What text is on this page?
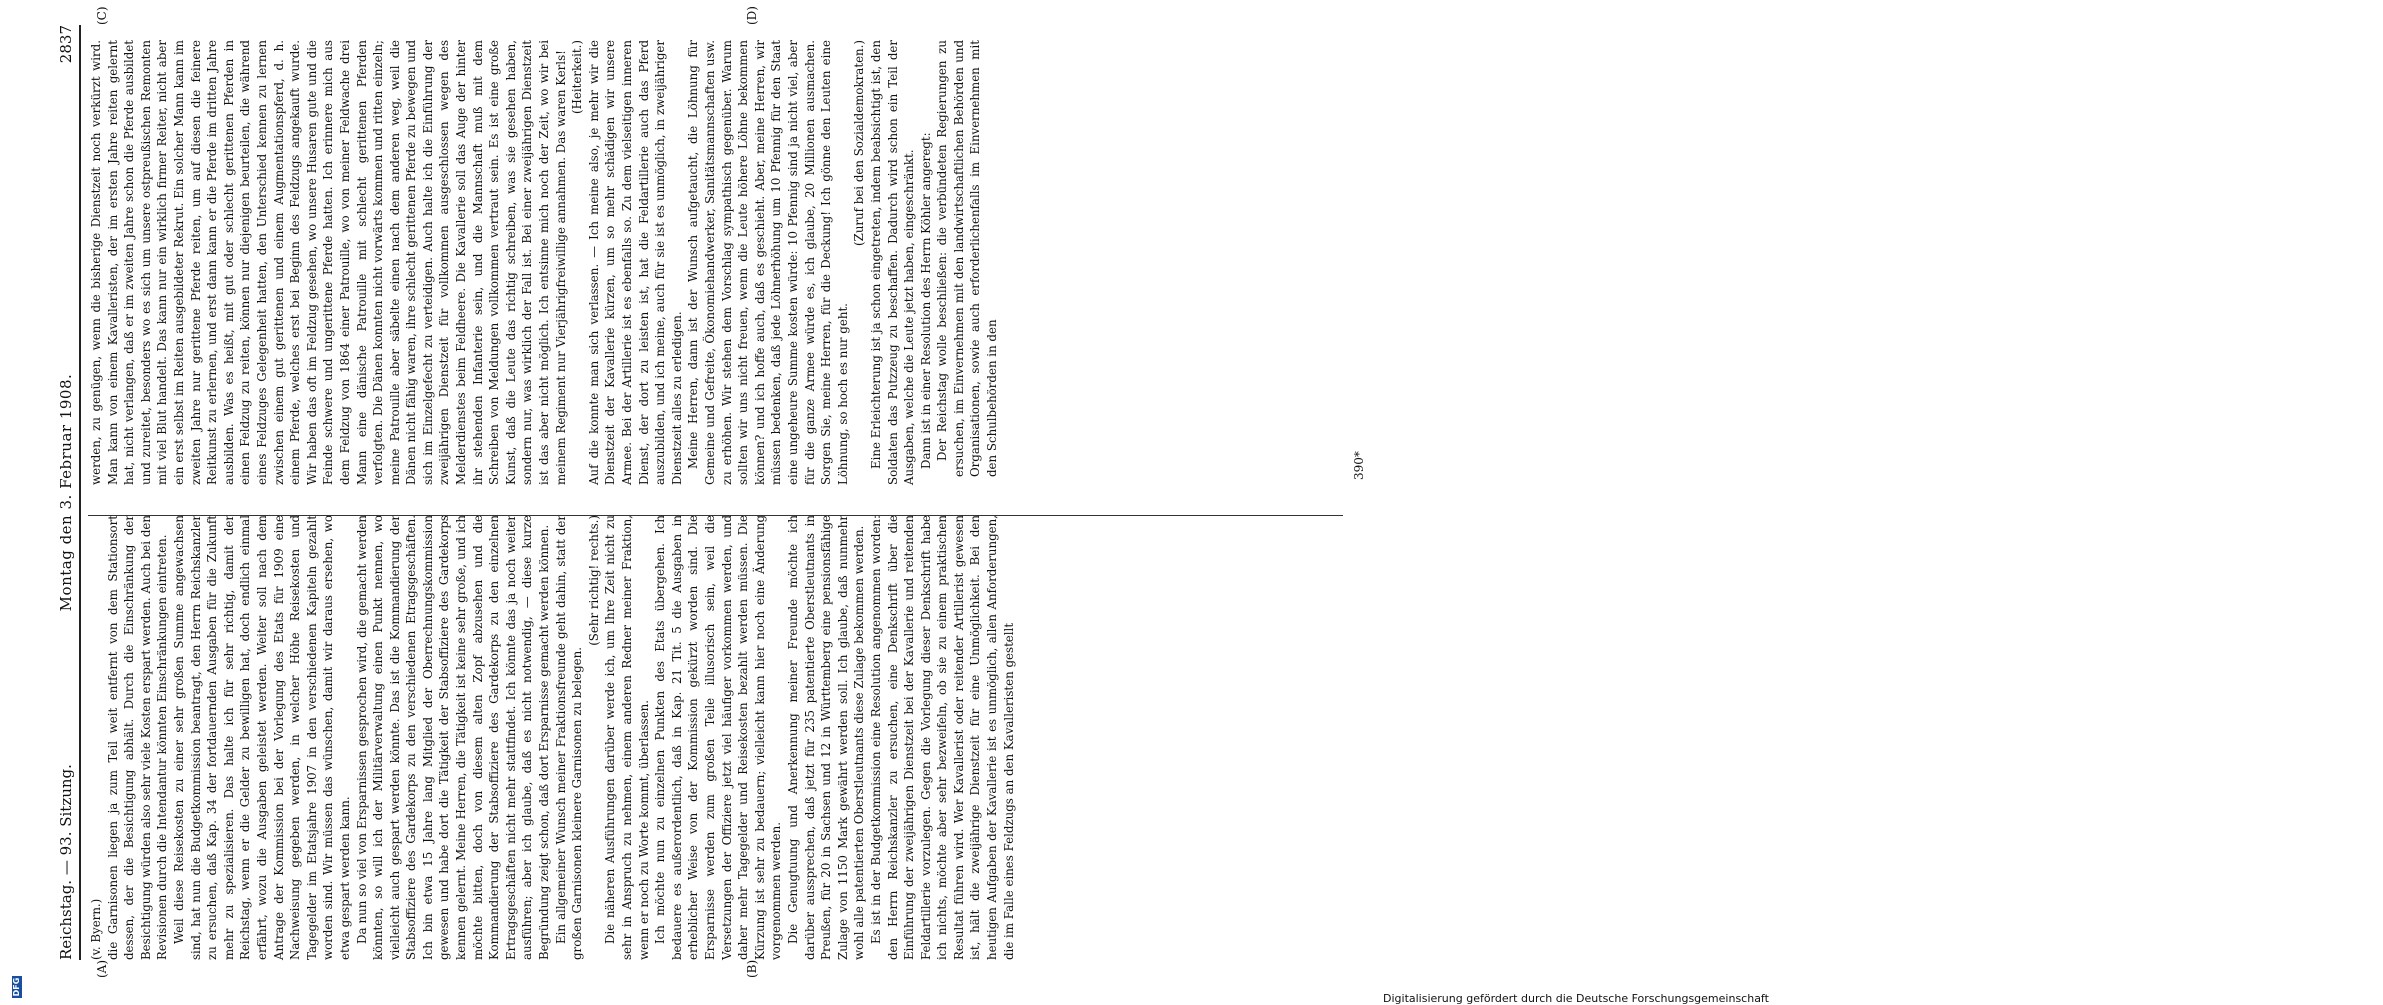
Digitalisierung gefördert durch die Deutsche Forschungsgemeinschaft
DFG
Reichstag. — 93. Sitzung.
Montag den 3. Februar 1908.
2837
(A)	(B)
(C)	(D)

(v. Byern.) die Garnisonen liegen ja zum Teil weit entfernt von dem Stationsort dessen, der die Besichtigung abhält. Durch die Einschränkung der Besichtigung würden also sehr viele Kosten erspart werden. Auch bei den Revisionen durch die Intendantur könnten Einschränkungen eintreten. Weil diese Reisekosten zu einer sehr großen Summe angewachsen sind, hat nun die Budgetkommission beantragt, den Herrn Reichskanzler zu ersuchen, daß Kap. 34 der fortdauernden Ausgaben für die Zukunft mehr zu spezialisieren. Das halte ich für sehr richtig, damit der Reichstag, wenn er die Gelder zu bewilligen hat, doch endlich einmal erfährt, wozu die Ausgaben geleistet werden. Weiter soll nach dem Antrage der Kommission bei der Vorlegung des Etats für 1909 eine Nachweisung gegeben werden, in welcher Höhe Reisekosten und Tagegelder im Etatsjahre 1907 in den verschiedenen Kapiteln gezahlt worden sind. Wir müssen das wünschen, damit wir daraus ersehen, wo etwa gespart werden kann. Da nun so viel von Ersparnissen gesprochen wird, die gemacht werden könnten, so will ich der Militärverwaltung einen Punkt nennen, wo vielleicht auch gespart werden könnte. Das ist die Kommandierung der Stabsoffiziere des Gardekorps zu den verschiedenen Etragsgeschäften. Ich bin etwa 15 Jahre lang Mitglied der Oberrechnungskommission gewesen und habe dort die Tätigkeit der Stabsoffiziere des Gardekorps kennen gelernt. Meine Herren, die Tätigkeit ist keine sehr große, und ich möchte bitten, doch von diesem alten Zopf abzusehen und die Kommandierung der Stabsoffiziere des Gardekorps zu den einzelnen Ertragsgeschäften nicht mehr stattfindet. Ich könnte das ja noch weiter ausführen; aber ich glaube, daß es nicht notwendig, — diese kurze Begründung zeigt schon, daß dort Ersparnisse gemacht werden können. Ein allgemeiner Wunsch meiner Fraktionsfreunde geht dahin, statt der großen Garnisonen kleinere Garnisonen zu belegen.

(Sehr richtig! rechts.) Die näheren Ausführungen darüber werde ich, um Ihre Zeit nicht zu sehr in Anspruch zu nehmen, einem anderen Redner meiner Fraktion, wenn er noch zu Worte kommt, überlassen. Ich möchte nun zu einzelnen Punkten des Etats übergehen. Ich bedauere es außerordentlich, daß in Kap. 21 Tit. 5 die Ausgaben in erheblicher Weise von der Kommission gekürzt worden sind. Die Ersparnisse werden zum großen Teile illusorisch sein, weil die Versetzungen der Offiziere jetzt viel häufiger vorkommen werden, und daher mehr Tagegelder und Reisekosten bezahlt werden müssen. Die Kürzung ist sehr zu bedauern; vielleicht kann hier noch eine Änderung vorgenommen werden. Die Genugtuung und Anerkennung meiner Freunde möchte ich darüber aussprechen, daß jetzt für 235 patentierte Oberstleutnants in Preußen, für 20 in Sachsen und 12 in Württemberg eine pensionsfähige Zulage von 1150 Mark gewährt werden soll. Ich glaube, daß nunmehr wohl alle patentierten Oberstleutnants diese Zulage bekommen werden. Es ist in der Budgetkommission eine Resolution angenommen worden: den Herrn Reichskanzler zu ersuchen, eine Denkschrift über die Einführung der zweijährigen Dienstzeit bei der Kavallerie und reitenden Feldartillerie vorzulegen. Gegen die Vorlegung dieser Denkschrift habe ich nichts, möchte aber sehr bezweifeln, ob sie zu einem praktischen Resultat führen wird. Wer Kavallerist oder reitender Artillerist gewesen ist, hält die zweijährige Dienstzeit für eine Unmöglichkeit. Bei den heutigen Aufgaben der Kavallerie ist es unmöglich, allen Anforderungen, die im Falle eines Feldzugs an den Kavalleristen gestellt

werden, zu genügen, wenn die bisherige Dienstzeit noch verkürzt wird. Man kann von einem Kavalleristen, der im ersten Jahre reiten gelernt hat, nicht verlangen, daß er im zweiten Jahre schon die Pferde ausbildet und zureitet, besonders wo es sich um unsere ostpreußischen Remonten mit viel Blut handelt. Das kann nur ein wirklich firmer Reiter, nicht aber ein erst selbst im Reiten ausgebildeter Rekrut. Ein solcher Mann kann im zweiten Jahre nur gerittene Pferde reiten, um auf diesen die feinere Reitkunst zu erlernen, und erst dann kann er die Pferde im dritten Jahre ausbilden. Was es heißt, mit gut oder schlecht gerittenen Pferden in einen Feldzug zu reiten, können nur diejenigen beurteilen, die während eines Feldzuges Gelegenheit hatten, den Unterschied kennen zu lernen zwischen einem gut gerittenen und einem Augmentationspferd, d. h. einem Pferde, welches erst bei Beginn des Feldzugs angekauft wurde. Wir haben das oft im Feldzug gesehen, wo unsere Husaren gute und die Feinde schwere und ungerittene Pferde hatten. Ich erinnere mich aus dem Feldzug von 1864 einer Patrouille, wo von meiner Feldwache drei Mann eine dänische Patrouille mit schlecht gerittenen Pferden verfolgten. Die Dänen konnten nicht vorwärts kommen und ritten einzeln; meine Patrouille aber säbelte einen nach dem anderen weg, weil die Dänen nicht fähig waren, ihre schlecht gerittenen Pferde zu bewegen und sich im Einzelgefecht zu verteidigen. Auch halte ich die Einführung der zweijährigen Dienstzeit für vollkommen ausgeschlossen wegen des Melderdienstes beim Feldheere. Die Kavallerie soll das Auge der hinter ihr stehenden Infanterie sein, und die Mannschaft muß mit dem Schreiben von Meldungen vollkommen vertraut sein. Es ist eine große Kunst, daß die Leute das richtig schreiben, was sie gesehen haben, sondern nur, was wirklich der Fall ist. Bei einer zweijährigen Dienstzeit ist das aber nicht möglich. Ich entsinne mich noch der Zeit, wo wir bei meinem Regiment nur Vierjährigfreiwillige annahmen. Das waren Kerls! (Heiterkeit.) Auf die konnte man sich verlassen. — Ich meine also, je mehr wir die Dienstzeit der Kavallerie kürzen, um so mehr schädigen wir unsere Armee. Bei der Artillerie ist es ebenfalls so. Zu dem vielseitigen inneren Dienst, der dort zu leisten ist, hat die Feldartillerie auch das Pferd auszubilden, und ich meine, auch für sie ist es unmöglich, in zweijähriger Dienstzeit alles zu erledigen. Meine Herren, dann ist der Wunsch aufgetaucht, die Löhnung für Gemeine und Gefreite, Ökonomiehandwerker, Sanitätsmannschaften usw. zu erhöhen. Wir stehen dem Vorschlag sympathisch gegenüber. Warum sollten wir uns nicht freuen, wenn die Leute höhere Löhne bekommen können? und ich hoffe auch, daß es geschieht. Aber, meine Herren, wir müssen bedenken, daß jede Löhnerhöhung um 10 Pfennig für den Staat eine ungeheure Summe kosten würde: 10 Pfennig sind ja nicht viel, aber für die ganze Armee würde es, ich glaube, 20 Millionen ausmachen. Sorgen Sie, meine Herren, für die Deckung! Ich gönne den Leuten eine Löhnung, so hoch es nur geht.

(Zuruf bei den Sozialdemokraten.) Eine Erleichterung ist ja schon eingetreten, indem beabsichtigt ist, den Soldaten das Putzzeug zu beschaffen. Dadurch wird schon ein Teil der Ausgaben, welche die Leute jetzt haben, eingeschränkt. Dann ist in einer Resolution des Herrn Köhler angeregt: Der Reichstag wolle beschließen: die verbündeten Regierungen zu ersuchen, im Einvernehmen mit den landwirtschaftlichen Behörden und Organisationen, sowie auch erforderlichenfalls im Einvernehmen mit den Schulbehörden in den	390*
